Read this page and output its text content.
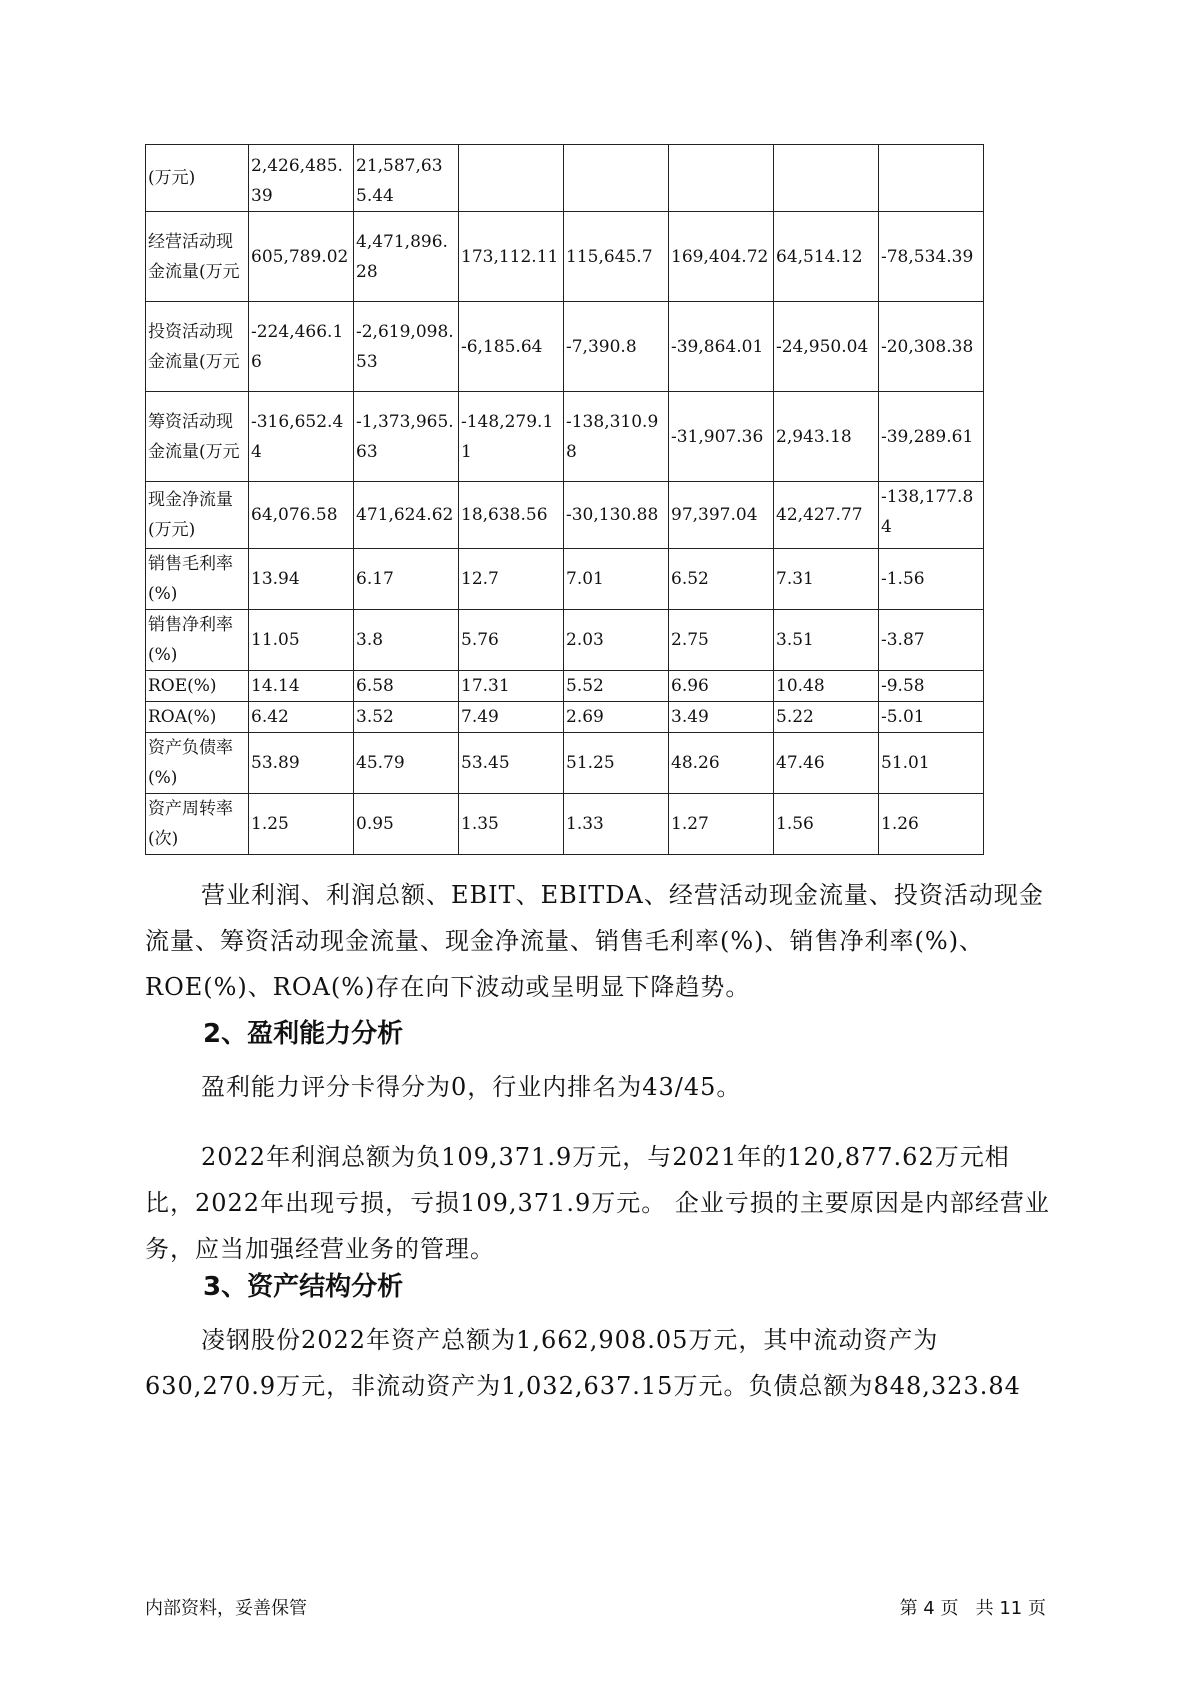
(万元)	2,426,485.39	21,587,635.44					
经营活动现金流量(万元	605,789.02	4,471,896.28	173,112.11	115,645.7	169,404.72	64,514.12	-78,534.39
投资活动现金流量(万元	-224,466.16	-2,619,098.53	-6,185.64	-7,390.8	-39,864.01	-24,950.04	-20,308.38
筹资活动现金流量(万元	-316,652.44	-1,373,965.63	-148,279.11	-138,310.98	-31,907.36	2,943.18	-39,289.61
现金净流量(万元)	64,076.58	471,624.62	18,638.56	-30,130.88	97,397.04	42,427.77	-138,177.84
销售毛利率(%)	13.94	6.17	12.7	7.01	6.52	7.31	-1.56
销售净利率(%)	11.05	3.8	5.76	2.03	2.75	3.51	-3.87
ROE(%)	14.14	6.58	17.31	5.52	6.96	10.48	-9.58
ROA(%)	6.42	3.52	7.49	2.69	3.49	5.22	-5.01
资产负债率(%)	53.89	45.79	53.45	51.25	48.26	47.46	51.01
资产周转率(次)	1.25	0.95	1.35	1.33	1.27	1.56	1.26
营业利润、利润总额、EBIT、EBITDA、经营活动现金流量、投资活动现金流量、筹资活动现金流量、现金净流量、销售毛利率(%)、销售净利率(%)、ROE(%)、ROA(%)存在向下波动或呈明显下降趋势。
2、盈利能力分析
盈利能力评分卡得分为0，行业内排名为43/45。
2022年利润总额为负109,371.9万元，与2021年的120,877.62万元相比，2022年出现亏损，亏损109,371.9万元。 企业亏损的主要原因是内部经营业务，应当加强经营业务的管理。
3、资产结构分析
凌钢股份2022年资产总额为1,662,908.05万元，其中流动资产为630,270.9万元，非流动资产为1,032,637.15万元。负债总额为848,323.84
内部资料，妥善保管	第 4 页   共 11 页
